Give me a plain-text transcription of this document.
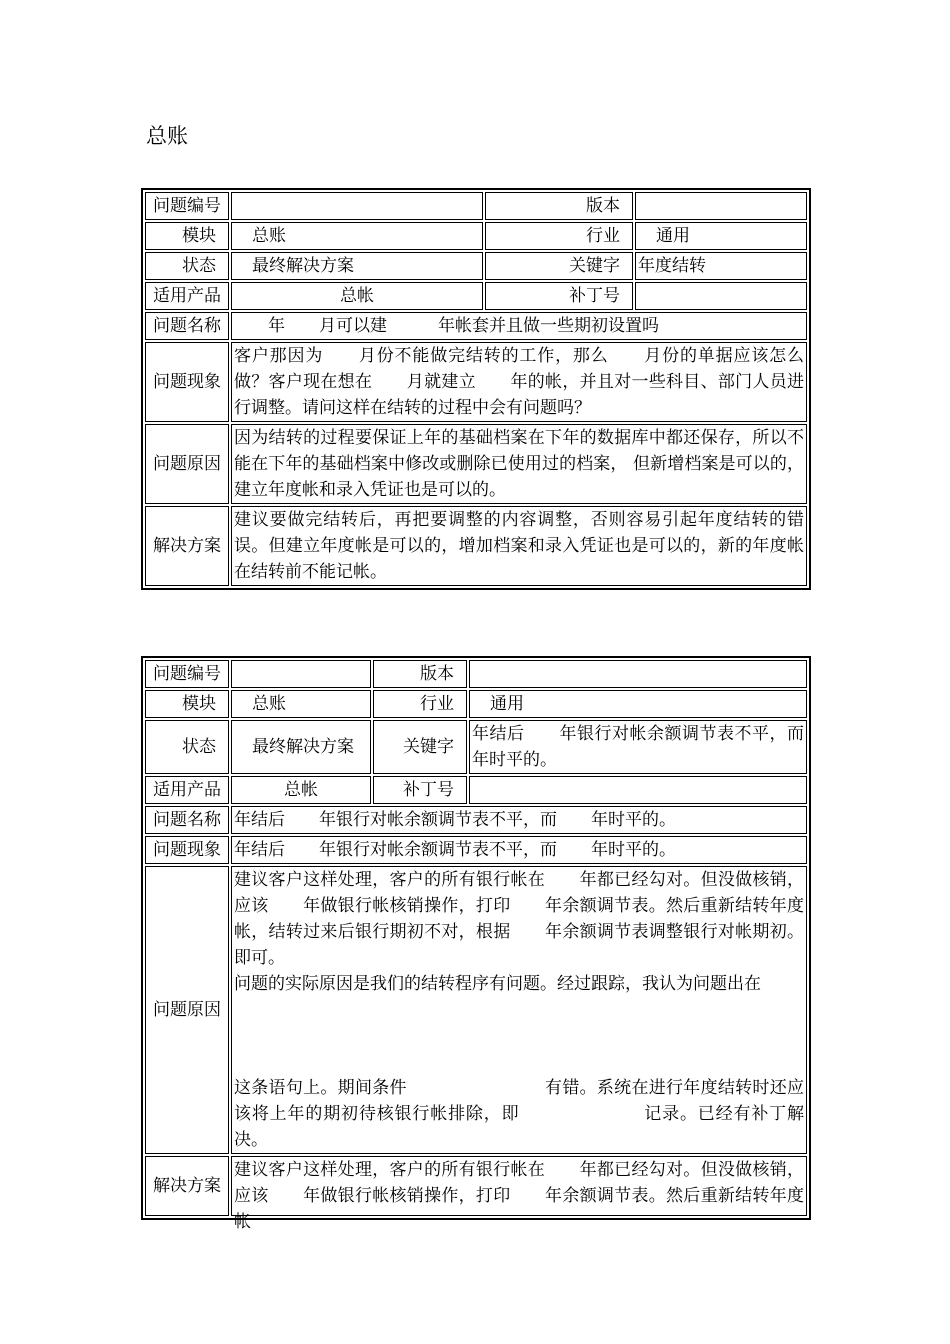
总账
问题编号		版本	
模块	总账	行业	通用
状态	最终解决方案	关键字	年度结转
适用产品	总帐	补丁号	
问题名称	　　年　　月可以建　　　年帐套并且做一些期初设置吗		
问题现象	客户那因为　　月份不能做完结转的工作，那么　　月份的单据应该怎么做？客户现在想在　　月就建立　　年的帐，并且对一些科目、部门人员进行调整。请问这样在结转的过程中会有问题吗？		
问题原因	因为结转的过程要保证上年的基础档案在下年的数据库中都还保存，所以不能在下年的基础档案中修改或删除已使用过的档案， 但新增档案是可以的，建立年度帐和录入凭证也是可以的。		
解决方案	建议要做完结转后，再把要调整的内容调整，否则容易引起年度结转的错误。但建立年度帐是可以的，增加档案和录入凭证也是可以的，新的年度帐在结转前不能记帐。		
问题编号		版本	
模块	总账	行业	通用
状态	最终解决方案	关键字	年结后　　年银行对帐余额调节表不平，而　　年时平的。
适用产品	总帐	补丁号	
问题名称	年结后　　年银行对帐余额调节表不平，而　　年时平的。		
问题现象	年结后　　年银行对帐余额调节表不平，而　　年时平的。		
问题原因	建议客户这样处理，客户的所有银行帐在　　年都已经勾对。但没做核销，应该　　年做银行帐核销操作，打印　　年余额调节表。然后重新结转年度帐，结转过来后银行期初不对，根据　　年余额调节表调整银行对帐期初。即可。
问题的实际原因是我们的结转程序有问题。经过跟踪，我认为问题出在
这条语句上。期间条件　　　　　　　　有错。系统在进行年度结转时还应该将上年的期初待核银行帐排除，即　　　　　　　记录。已经有补丁解决。		

解决方案	建议客户这样处理，客户的所有银行帐在　　年都已经勾对。但没做核销，应该　　年做银行帐核销操作，打印　　年余额调节表。然后重新结转年度帐		
